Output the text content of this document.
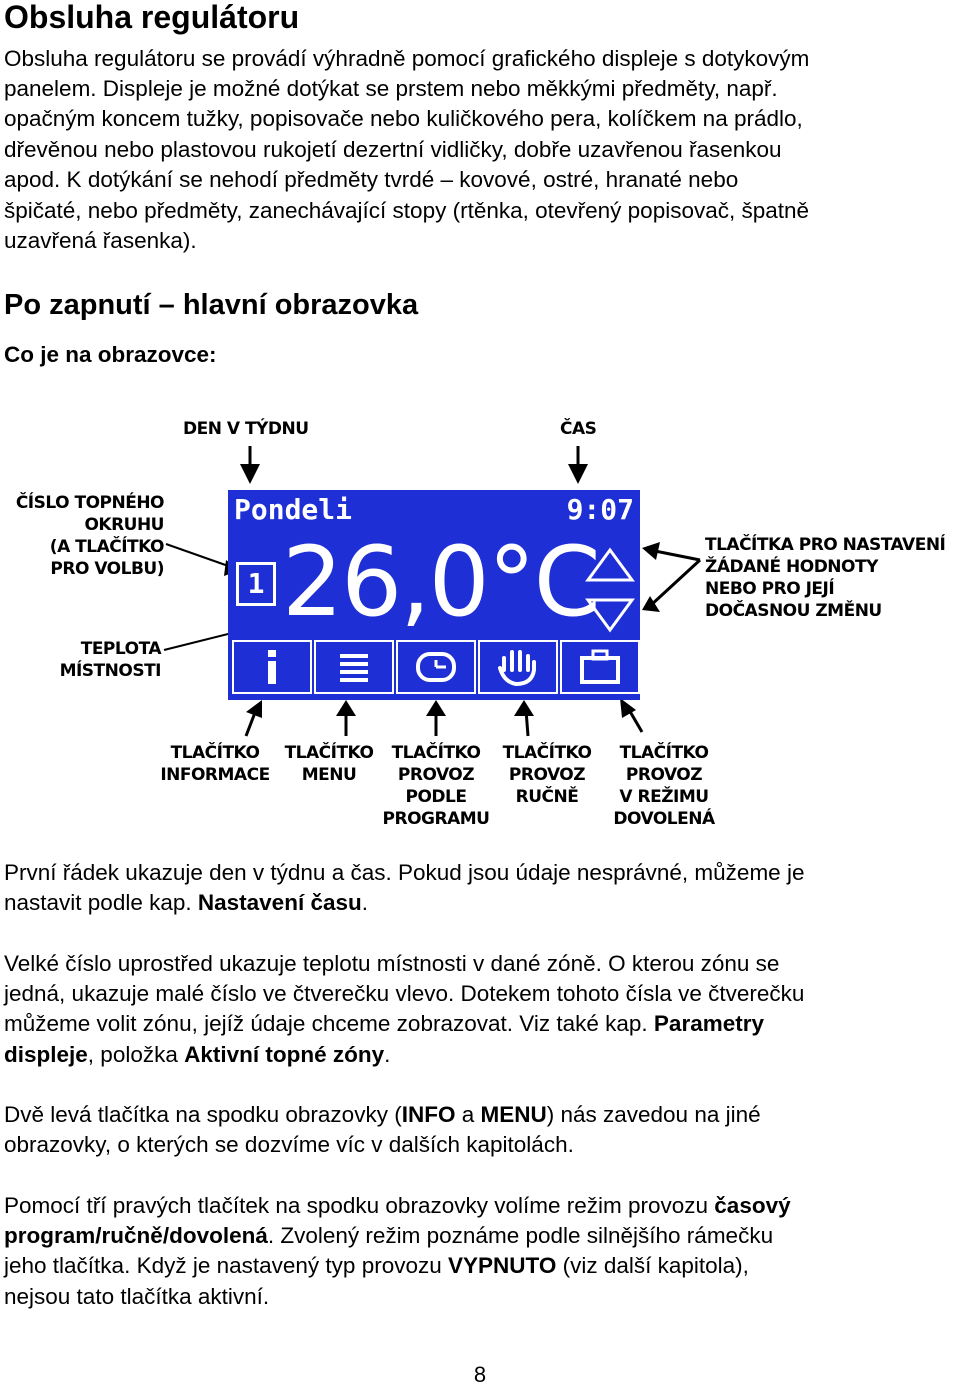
Obsluha regulátoru

Obsluha regulátoru se provádí výhradně pomocí grafického displeje s dotykovým

panelem. Displeje je možné dotýkat se prstem nebo měkkými předměty, např.

opačným koncem tužky, popisovače nebo kuličkového pera, kolíčkem na prádlo,

dřevěnou nebo plastovou rukojetí dezertní vidličky, dobře uzavřenou řasenkou

apod. K dotýkání se nehodí předměty tvrdé – kovové, ostré, hranaté nebo

špičaté, nebo předměty, zanechávající stopy (rtěnka, otevřený popisovač, špatně

uzavřená řasenka).

Po zapnutí – hlavní obrazovka

Co je na obrazovce:

DEN V TÝDNU	ČAS
ČÍSLO TOPNÉHO
OKRUHU
(A TLAČÍTKO
PRO VOLBU)
TEPLOTA
MÍSTNOSTI
TLAČÍTKA PRO NASTAVENÍ
ŽÁDANÉ HODNOTY
NEBO PRO JEJÍ
DOČASNOU ZMĚNU
TLAČÍTKO
INFORMACE
TLAČÍTKO
MENU
TLAČÍTKO
PROVOZ
PODLE
PROGRAMU
TLAČÍTKO
PROVOZ
RUČNĚ
TLAČÍTKO
PROVOZ
V REŽIMU
DOVOLENÁ
Pondeli	9:07
1 26,0°C

První řádek ukazuje den v týdnu a čas. Pokud jsou údaje nesprávné, můžeme je

nastavit podle kap. Nastavení času.

Velké číslo uprostřed ukazuje teplotu místnosti v dané zóně. O kterou zónu se

jedná, ukazuje malé číslo ve čtverečku vlevo. Dotekem tohoto čísla ve čtverečku

můžeme volit zónu, jejíž údaje chceme zobrazovat. Viz také kap. Parametry

displeje, položka Aktivní topné zóny.

Dvě levá tlačítka na spodku obrazovky (INFO a MENU) nás zavedou na jiné

obrazovky, o kterých se dozvíme víc v dalších kapitolách.

Pomocí tří pravých tlačítek na spodku obrazovky volíme režim provozu časový

program/ručně/dovolená. Zvolený režim poznáme podle silnějšího rámečku

jeho tlačítka. Když je nastavený typ provozu VYPNUTO (viz další kapitola),

nejsou tato tlačítka aktivní.

8
